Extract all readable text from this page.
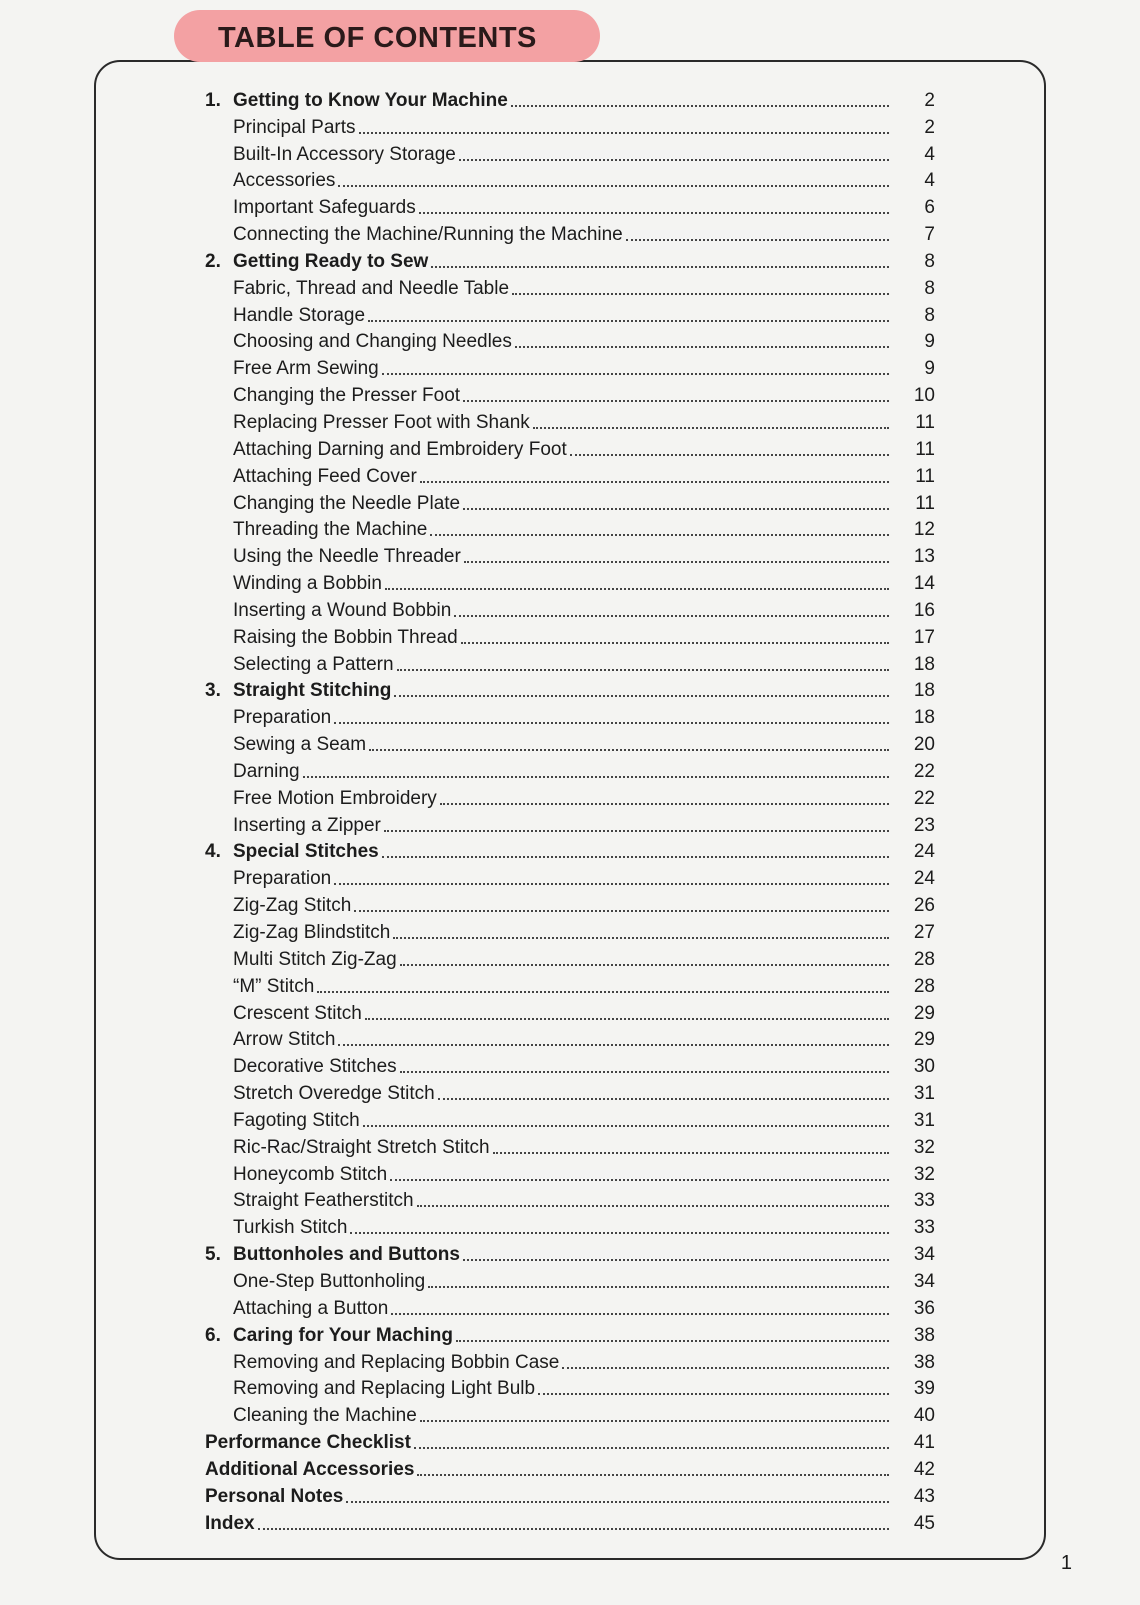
TABLE OF CONTENTS
1. Getting to Know Your Machine	2
Principal Parts	2
Built-In Accessory Storage	4
Accessories	4
Important Safeguards	6
Connecting the Machine/Running the Machine	7
2. Getting Ready to Sew	8
Fabric, Thread and Needle Table	8
Handle Storage	8
Choosing and Changing Needles	9
Free Arm Sewing	9
Changing the Presser Foot	10
Replacing Presser Foot with Shank	11
Attaching Darning and Embroidery Foot	11
Attaching Feed Cover	11
Changing the Needle Plate	11
Threading the Machine	12
Using the Needle Threader	13
Winding a Bobbin	14
Inserting a Wound Bobbin	16
Raising the Bobbin Thread	17
Selecting a Pattern	18
3. Straight Stitching	18
Preparation	18
Sewing a Seam	20
Darning	22
Free Motion Embroidery	22
Inserting a Zipper	23
4. Special Stitches	24
Preparation	24
Zig-Zag Stitch	26
Zig-Zag Blindstitch	27
Multi Stitch Zig-Zag	28
“M” Stitch	28
Crescent Stitch	29
Arrow Stitch	29
Decorative Stitches	30
Stretch Overedge Stitch	31
Fagoting Stitch	31
Ric-Rac/Straight Stretch Stitch	32
Honeycomb Stitch	32
Straight Featherstitch	33
Turkish Stitch	33
5. Buttonholes and Buttons	34
One-Step Buttonholing	34
Attaching a Button	36
6. Caring for Your Maching	38
Removing and Replacing Bobbin Case	38
Removing and Replacing Light Bulb	39
Cleaning the Machine	40
Performance Checklist	41
Additional Accessories	42
Personal Notes	43
Index	45
1
